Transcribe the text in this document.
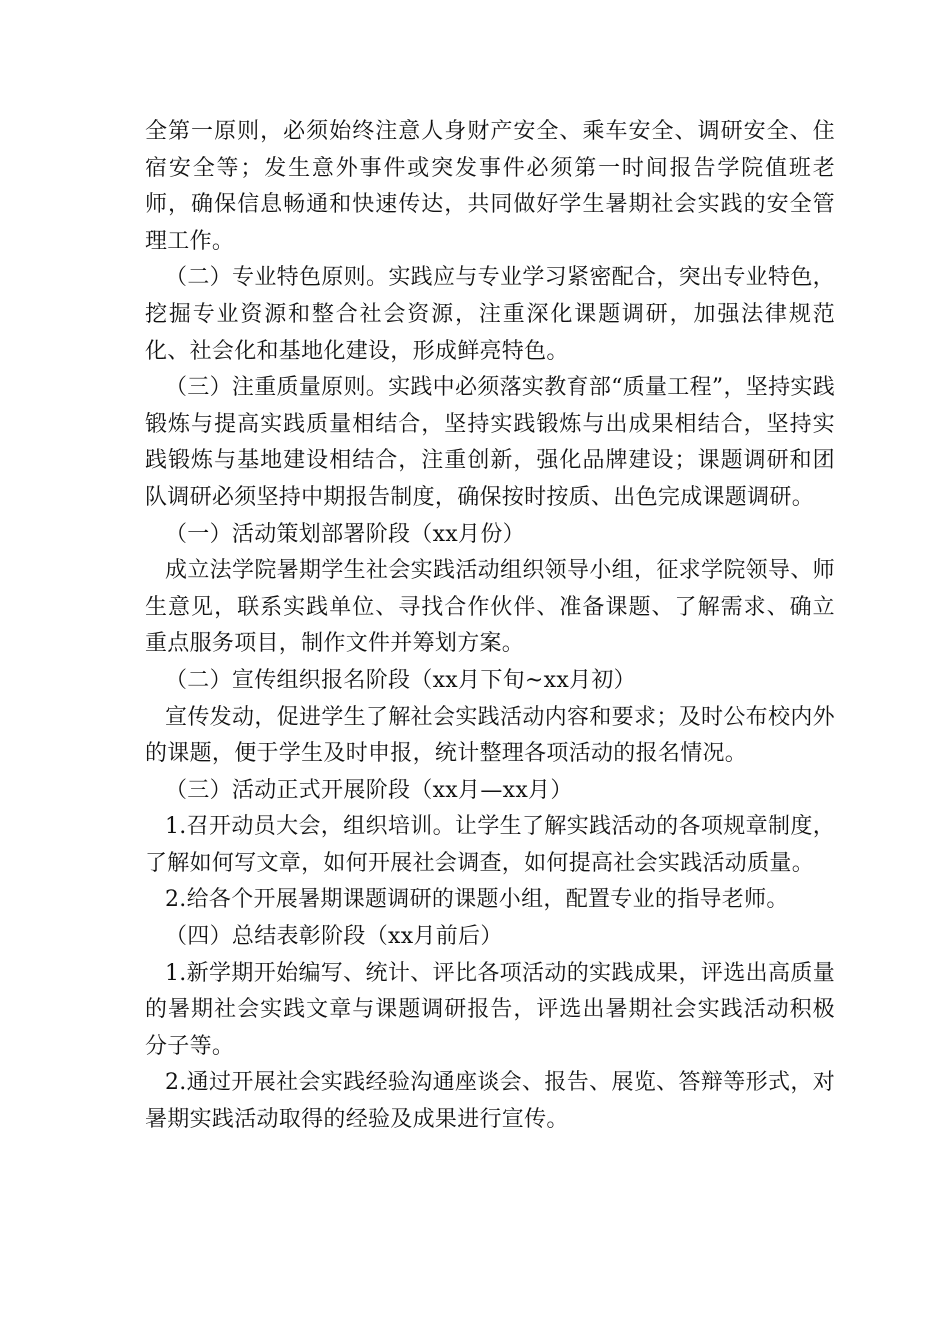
全第一原则，必须始终注意人身财产安全、乘车安全、调研安全、住宿安全等；发生意外事件或突发事件必须第一时间报告学院值班老师，确保信息畅通和快速传达，共同做好学生暑期社会实践的安全管理工作。

（二）专业特色原则。实践应与专业学习紧密配合，突出专业特色，挖掘专业资源和整合社会资源，注重深化课题调研，加强法律规范化、社会化和基地化建设，形成鲜亮特色。

（三）注重质量原则。实践中必须落实教育部“质量工程”，坚持实践锻炼与提高实践质量相结合，坚持实践锻炼与出成果相结合，坚持实践锻炼与基地建设相结合，注重创新，强化品牌建设；课题调研和团队调研必须坚持中期报告制度，确保按时按质、出色完成课题调研。

（一）活动策划部署阶段（xx月份）

成立法学院暑期学生社会实践活动组织领导小组，征求学院领导、师生意见，联系实践单位、寻找合作伙伴、准备课题、了解需求、确立重点服务项目，制作文件并筹划方案。

（二）宣传组织报名阶段（xx月下旬~xx月初）

宣传发动，促进学生了解社会实践活动内容和要求；及时公布校内外的课题，便于学生及时申报，统计整理各项活动的报名情况。

（三）活动正式开展阶段（xx月—xx月）

1.召开动员大会，组织培训。让学生了解实践活动的各项规章制度，了解如何写文章，如何开展社会调查，如何提高社会实践活动质量。

2.给各个开展暑期课题调研的课题小组，配置专业的指导老师。

（四）总结表彰阶段（xx月前后）

1.新学期开始编写、统计、评比各项活动的实践成果，评选出高质量的暑期社会实践文章与课题调研报告，评选出暑期社会实践活动积极分子等。

2.通过开展社会实践经验沟通座谈会、报告、展览、答辩等形式，对暑期实践活动取得的经验及成果进行宣传。
